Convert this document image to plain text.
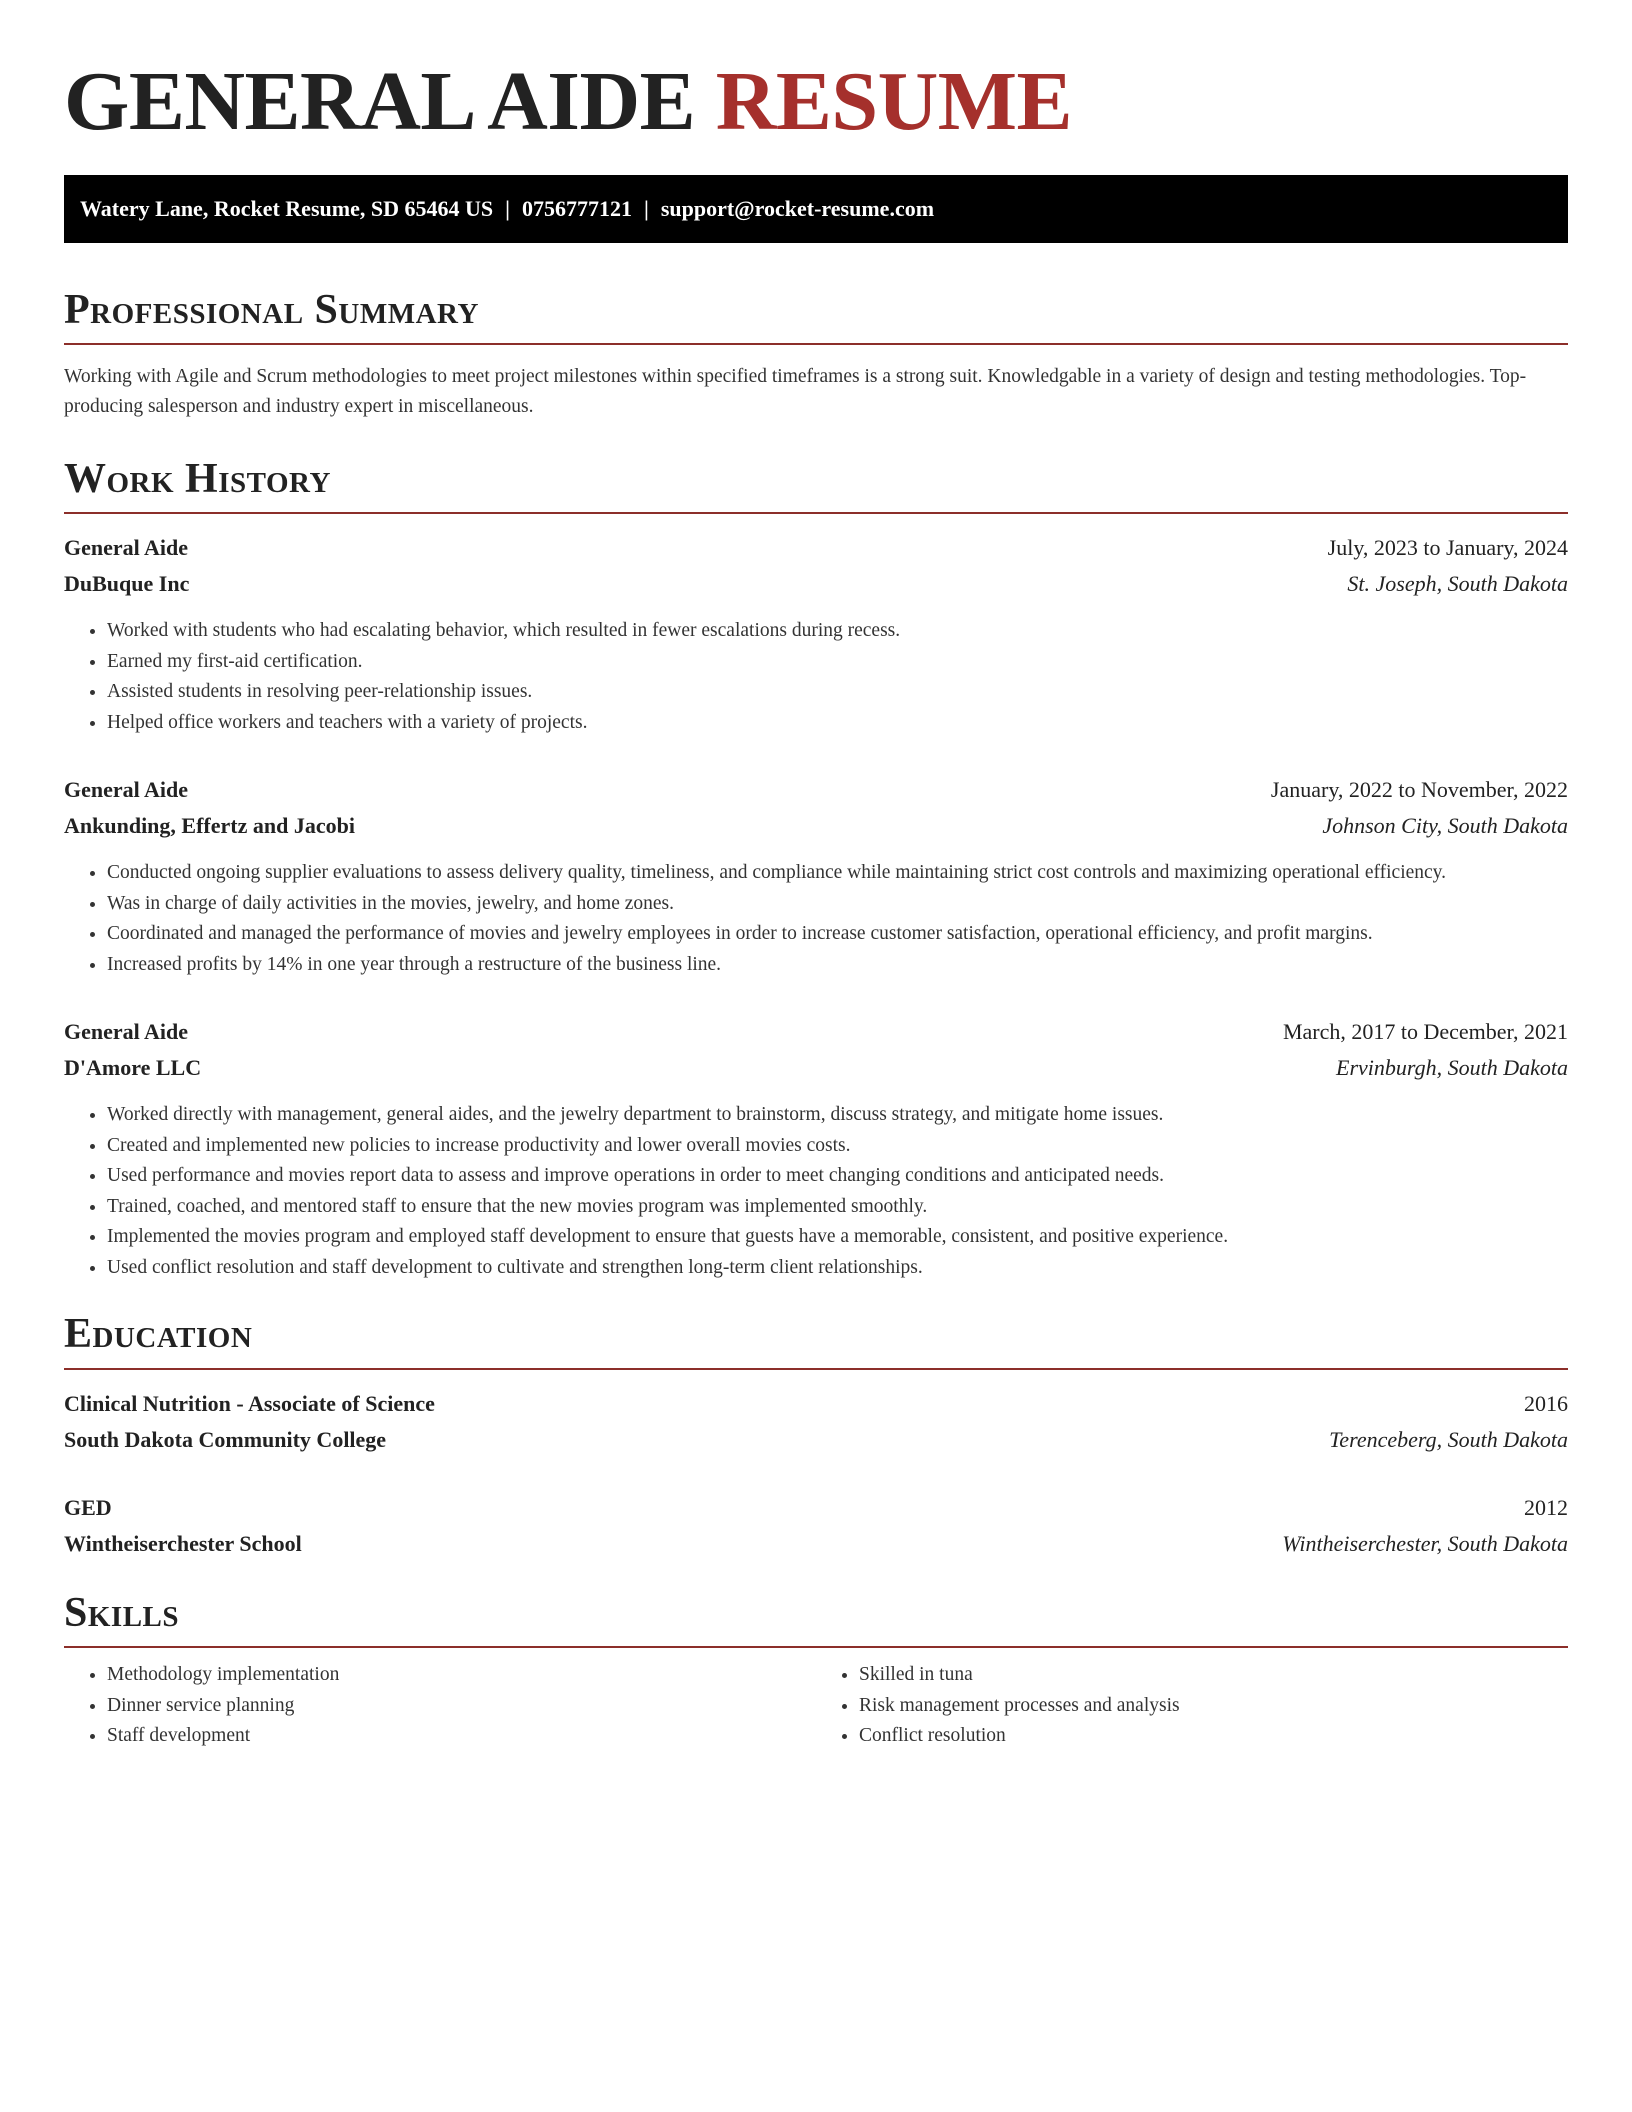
GENERAL AIDE RESUME
Watery Lane, Rocket Resume, SD 65464 US | 0756777121 | support@rocket-resume.com
Professional Summary

Working with Agile and Scrum methodologies to meet project milestones within specified timeframes is a strong suit. Knowledgable in a variety of design and testing methodologies. Top-producing salesperson and industry expert in miscellaneous.

Work History
General Aide	July, 2023 to January, 2024
DuBuque Inc	St. Joseph, South Dakota
• Worked with students who had escalating behavior, which resulted in fewer escalations during recess.
• Earned my first-aid certification.
• Assisted students in resolving peer-relationship issues.
• Helped office workers and teachers with a variety of projects.
General Aide	January, 2022 to November, 2022
Ankunding, Effertz and Jacobi	Johnson City, South Dakota
• Conducted ongoing supplier evaluations to assess delivery quality, timeliness, and compliance while maintaining strict cost controls and maximizing operational efficiency.
• Was in charge of daily activities in the movies, jewelry, and home zones.
• Coordinated and managed the performance of movies and jewelry employees in order to increase customer satisfaction, operational efficiency, and profit margins.
• Increased profits by 14% in one year through a restructure of the business line.
General Aide	March, 2017 to December, 2021
D'Amore LLC	Ervinburgh, South Dakota
• Worked directly with management, general aides, and the jewelry department to brainstorm, discuss strategy, and mitigate home issues.
• Created and implemented new policies to increase productivity and lower overall movies costs.
• Used performance and movies report data to assess and improve operations in order to meet changing conditions and anticipated needs.
• Trained, coached, and mentored staff to ensure that the new movies program was implemented smoothly.
• Implemented the movies program and employed staff development to ensure that guests have a memorable, consistent, and positive experience.
• Used conflict resolution and staff development to cultivate and strengthen long-term client relationships.
Education
Clinical Nutrition - Associate of Science	2016
South Dakota Community College	Terenceberg, South Dakota
GED	2012
Wintheiserchester School	Wintheiserchester, South Dakota
Skills
• Methodology implementation
• Dinner service planning
• Staff development
• Skilled in tuna
• Risk management processes and analysis
• Conflict resolution
